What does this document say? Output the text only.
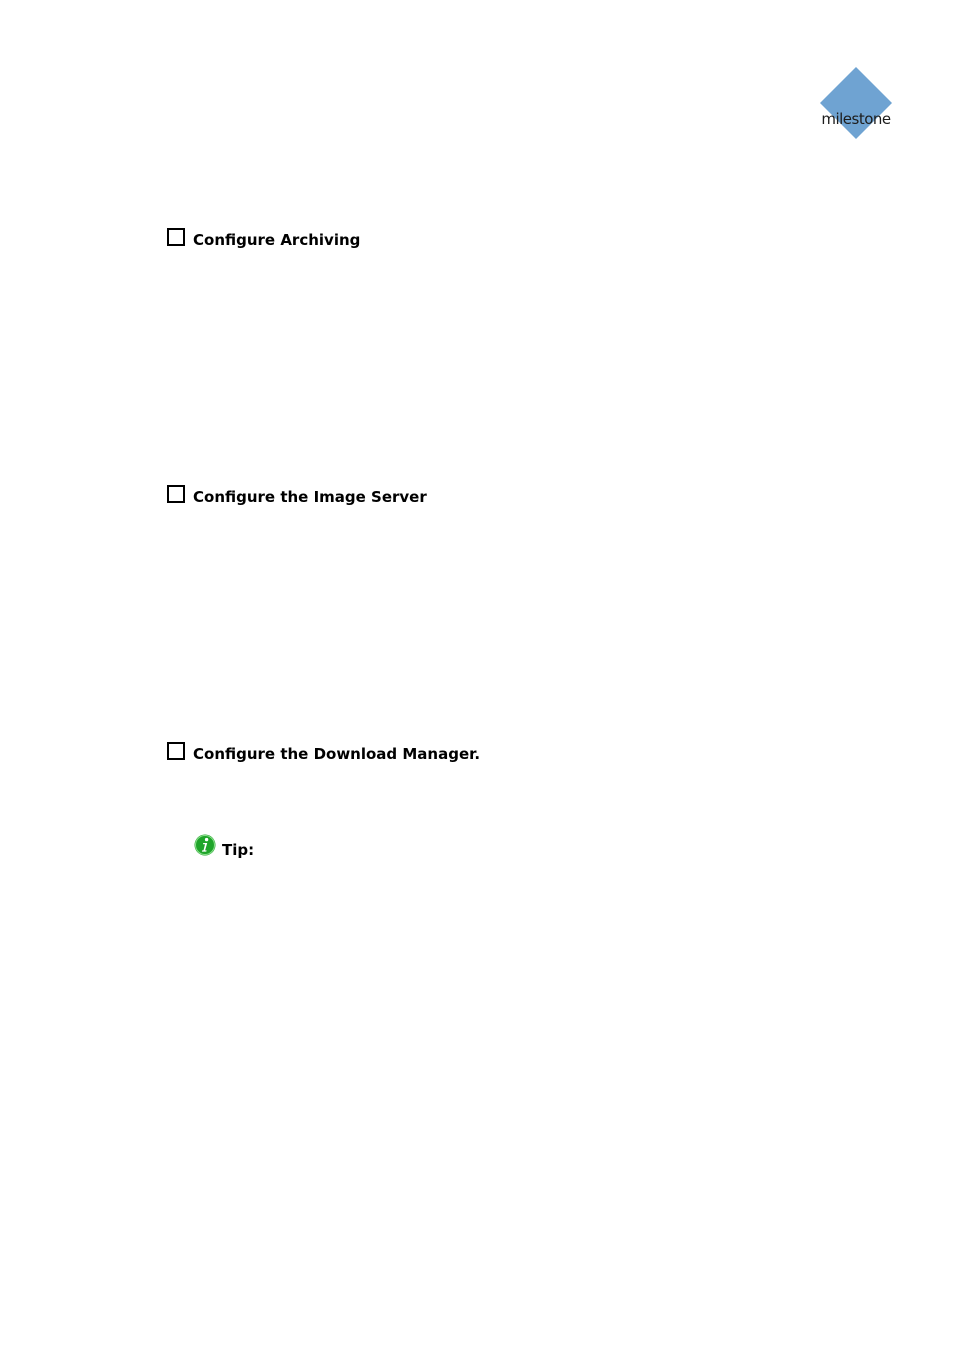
milestone
Configure Archiving
Configure the Image Server
Configure the Download Manager.
Tip:
